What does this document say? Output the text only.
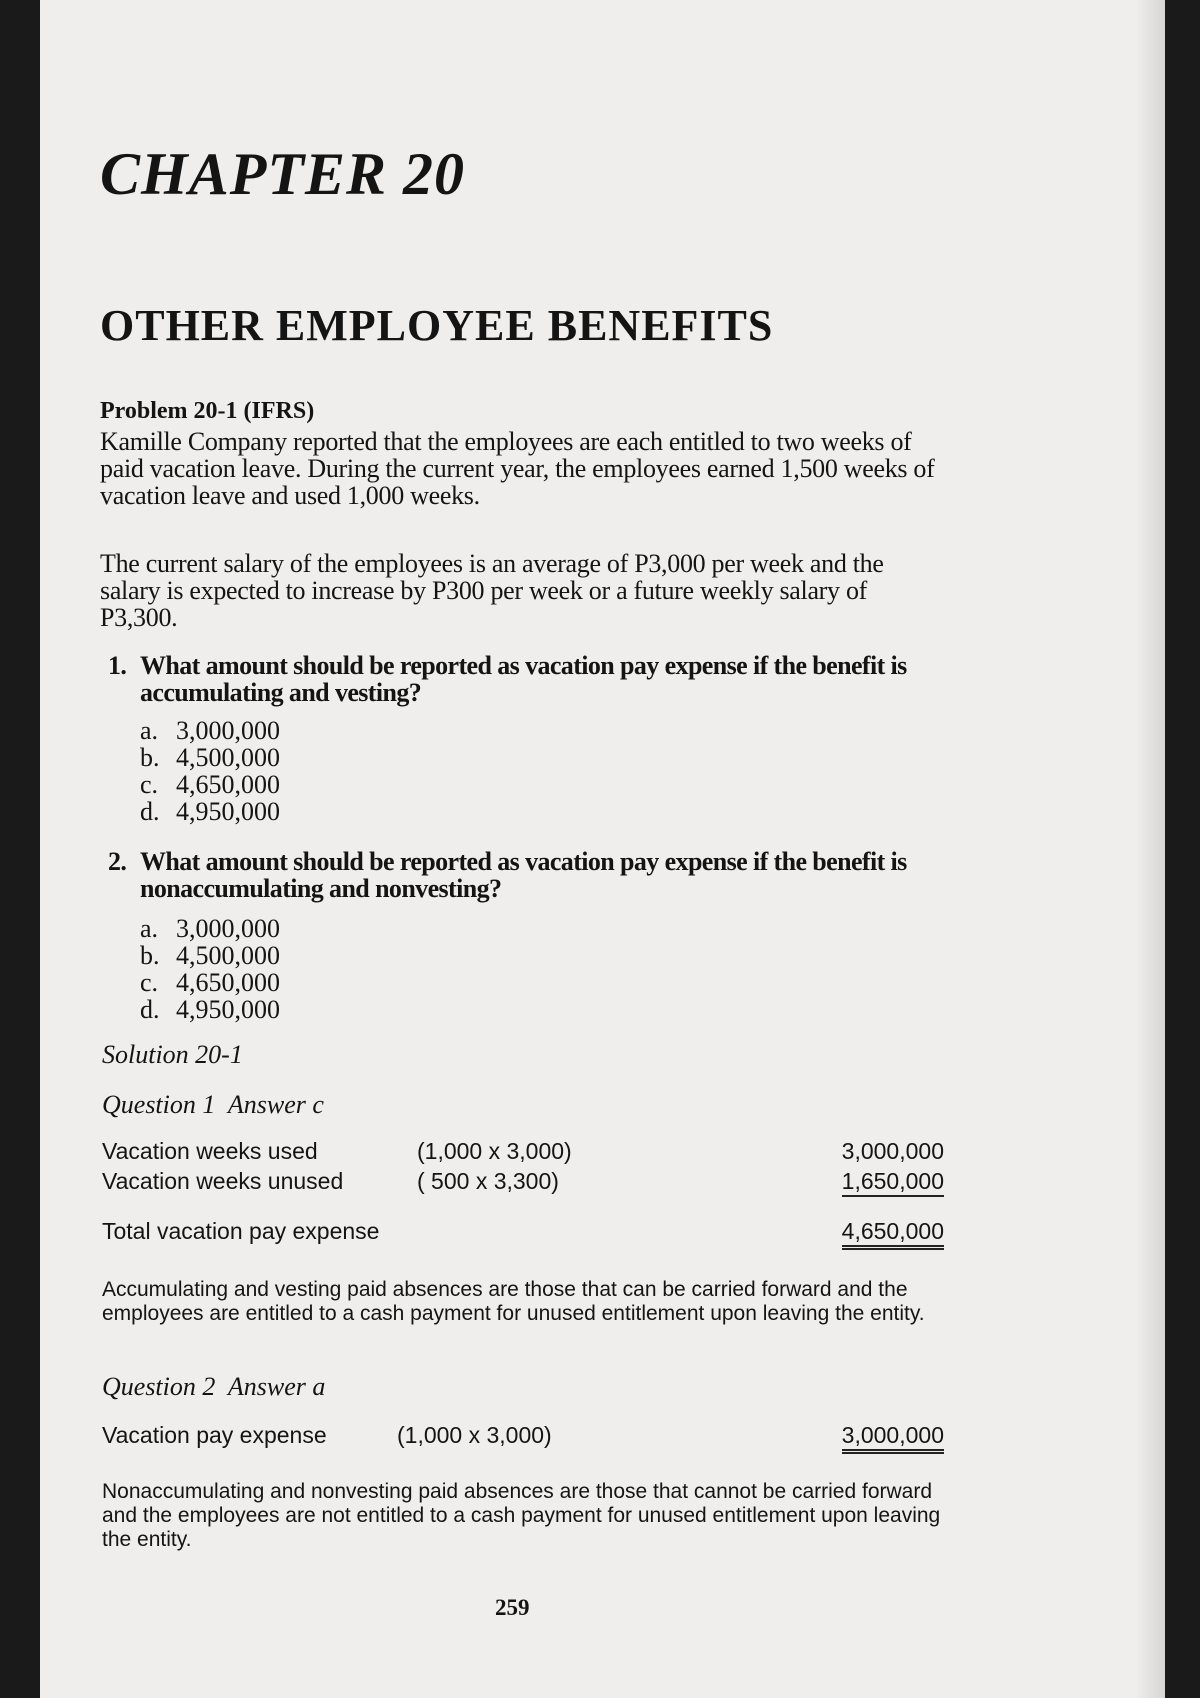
CHAPTER 20
OTHER EMPLOYEE BENEFITS
Problem 20-1 (IFRS)
Kamille Company reported that the employees are each entitled to two weeks of paid vacation leave. During the current year, the employees earned 1,500 weeks of vacation leave and used 1,000 weeks.
The current salary of the employees is an average of P3,000 per week and the salary is expected to increase by P300 per week or a future weekly salary of P3,300.
1. What amount should be reported as vacation pay expense if the benefit is accumulating and vesting?
a. 3,000,000
b. 4,500,000
c. 4,650,000
d. 4,950,000
2. What amount should be reported as vacation pay expense if the benefit is nonaccumulating and nonvesting?
a. 3,000,000
b. 4,500,000
c. 4,650,000
d. 4,950,000
Solution 20-1
Question 1  Answer c
Vacation weeks used	(1,000 x 3,000)	3,000,000
Vacation weeks unused	( 500 x 3,300)	1,650,000
Total vacation pay expense	4,650,000
Accumulating and vesting paid absences are those that can be carried forward and the employees are entitled to a cash payment for unused entitlement upon leaving the entity.
Question 2  Answer a
Vacation pay expense	(1,000 x 3,000)	3,000,000
Nonaccumulating and nonvesting paid absences are those that cannot be carried forward and the employees are not entitled to a cash payment for unused entitlement upon leaving the entity.
259
